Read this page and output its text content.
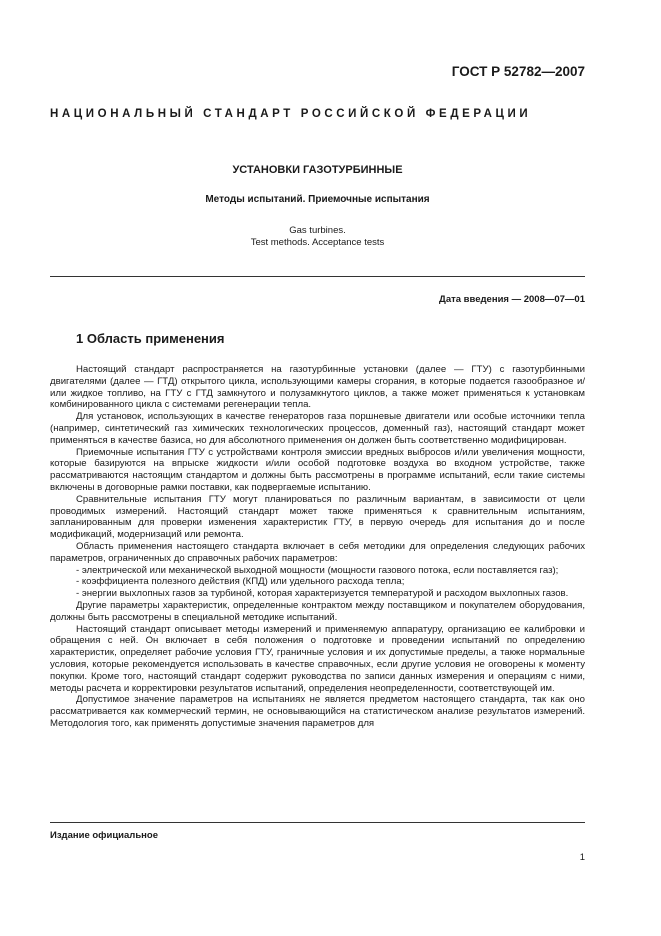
ГОСТ Р 52782—2007
НАЦИОНАЛЬНЫЙ СТАНДАРТ РОССИЙСКОЙ ФЕДЕРАЦИИ
УСТАНОВКИ ГАЗОТУРБИННЫЕ
Методы испытаний. Приемочные испытания
Gas turbines.
Test methods. Acceptance tests
Дата введения — 2008—07—01
1 Область применения

Настоящий стандарт распространяется на газотурбинные установки (далее — ГТУ) с газотурбинными двигателями (далее — ГТД) открытого цикла, использующими камеры сгорания, в которые подается газообразное и/или жидкое топливо, на ГТУ с ГТД замкнутого и полузамкнутого циклов, а также может применяться к установкам комбинированного цикла с системами регенерации тепла.

Для установок, использующих в качестве генераторов газа поршневые двигатели или особые источники тепла (например, синтетический газ химических технологических процессов, доменный газ), настоящий стандарт может применяться в качестве базиса, но для абсолютного применения он должен быть соответственно модифицирован.

Приемочные испытания ГТУ с устройствами контроля эмиссии вредных выбросов и/или увеличения мощности, которые базируются на впрыске жидкости и/или особой подготовке воздуха во входном устройстве, также рассматриваются настоящим стандартом и должны быть рассмотрены в программе испытаний, если такие системы включены в договорные рамки поставки, как подвергаемые испытанию.

Сравнительные испытания ГТУ могут планироваться по различным вариантам, в зависимости от цели проводимых измерений. Настоящий стандарт может также применяться к сравнительным испытаниям, запланированным для проверки изменения характеристик ГТУ, в первую очередь для испытания до и после модификаций, модернизаций или ремонта.

Область применения настоящего стандарта включает в себя методики для определения следующих рабочих параметров, ограниченных до справочных рабочих параметров:

- электрической или механической выходной мощности (мощности газового потока, если поставляется газ);

- коэффициента полезного действия (КПД) или удельного расхода тепла;

- энергии выхлопных газов за турбиной, которая характеризуется температурой и расходом выхлопных газов.

Другие параметры характеристик, определенные контрактом между поставщиком и покупателем оборудования, должны быть рассмотрены в специальной методике испытаний.

Настоящий стандарт описывает методы измерений и применяемую аппаратуру, организацию ее калибровки и обращения с ней. Он включает в себя положения о подготовке и проведении испытаний по определению характеристик, определяет рабочие условия ГТУ, граничные условия и их допустимые пределы, а также нормальные условия, которые рекомендуется использовать в качестве справочных, если другие условия не оговорены к моменту покупки. Кроме того, настоящий стандарт содержит руководства по записи данных измерения и операциям с ними, методы расчета и корректировки результатов испытаний, определения неопределенности, соответствующей им.

Допустимое значение параметров на испытаниях не является предметом настоящего стандарта, так как оно рассматривается как коммерческий термин, не основывающийся на статистическом анализе результатов измерений. Методология того, как применять допустимые значения параметров для

Издание официальное
1
